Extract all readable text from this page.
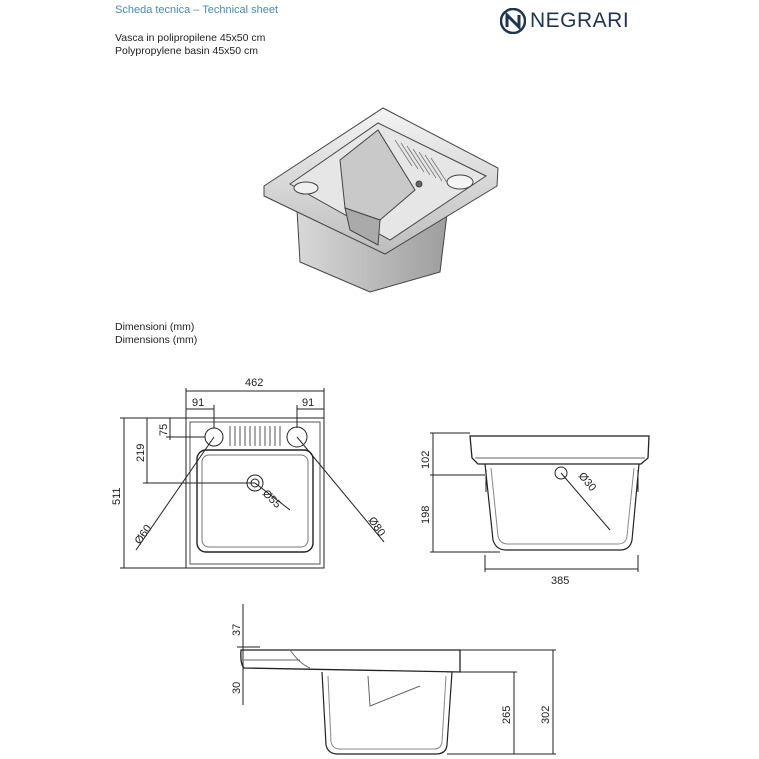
Scheda tecnica – Technical sheet
Vasca in polipropilene 45x50 cm
Polypropylene basin 45x50 cm
NEGRARI
Dimensioni (mm)
Dimensions (mm)
462
91	91
511
219
75
Ø55
Ø60	Ø80
102
198
385
Ø30
37
30
265 302
